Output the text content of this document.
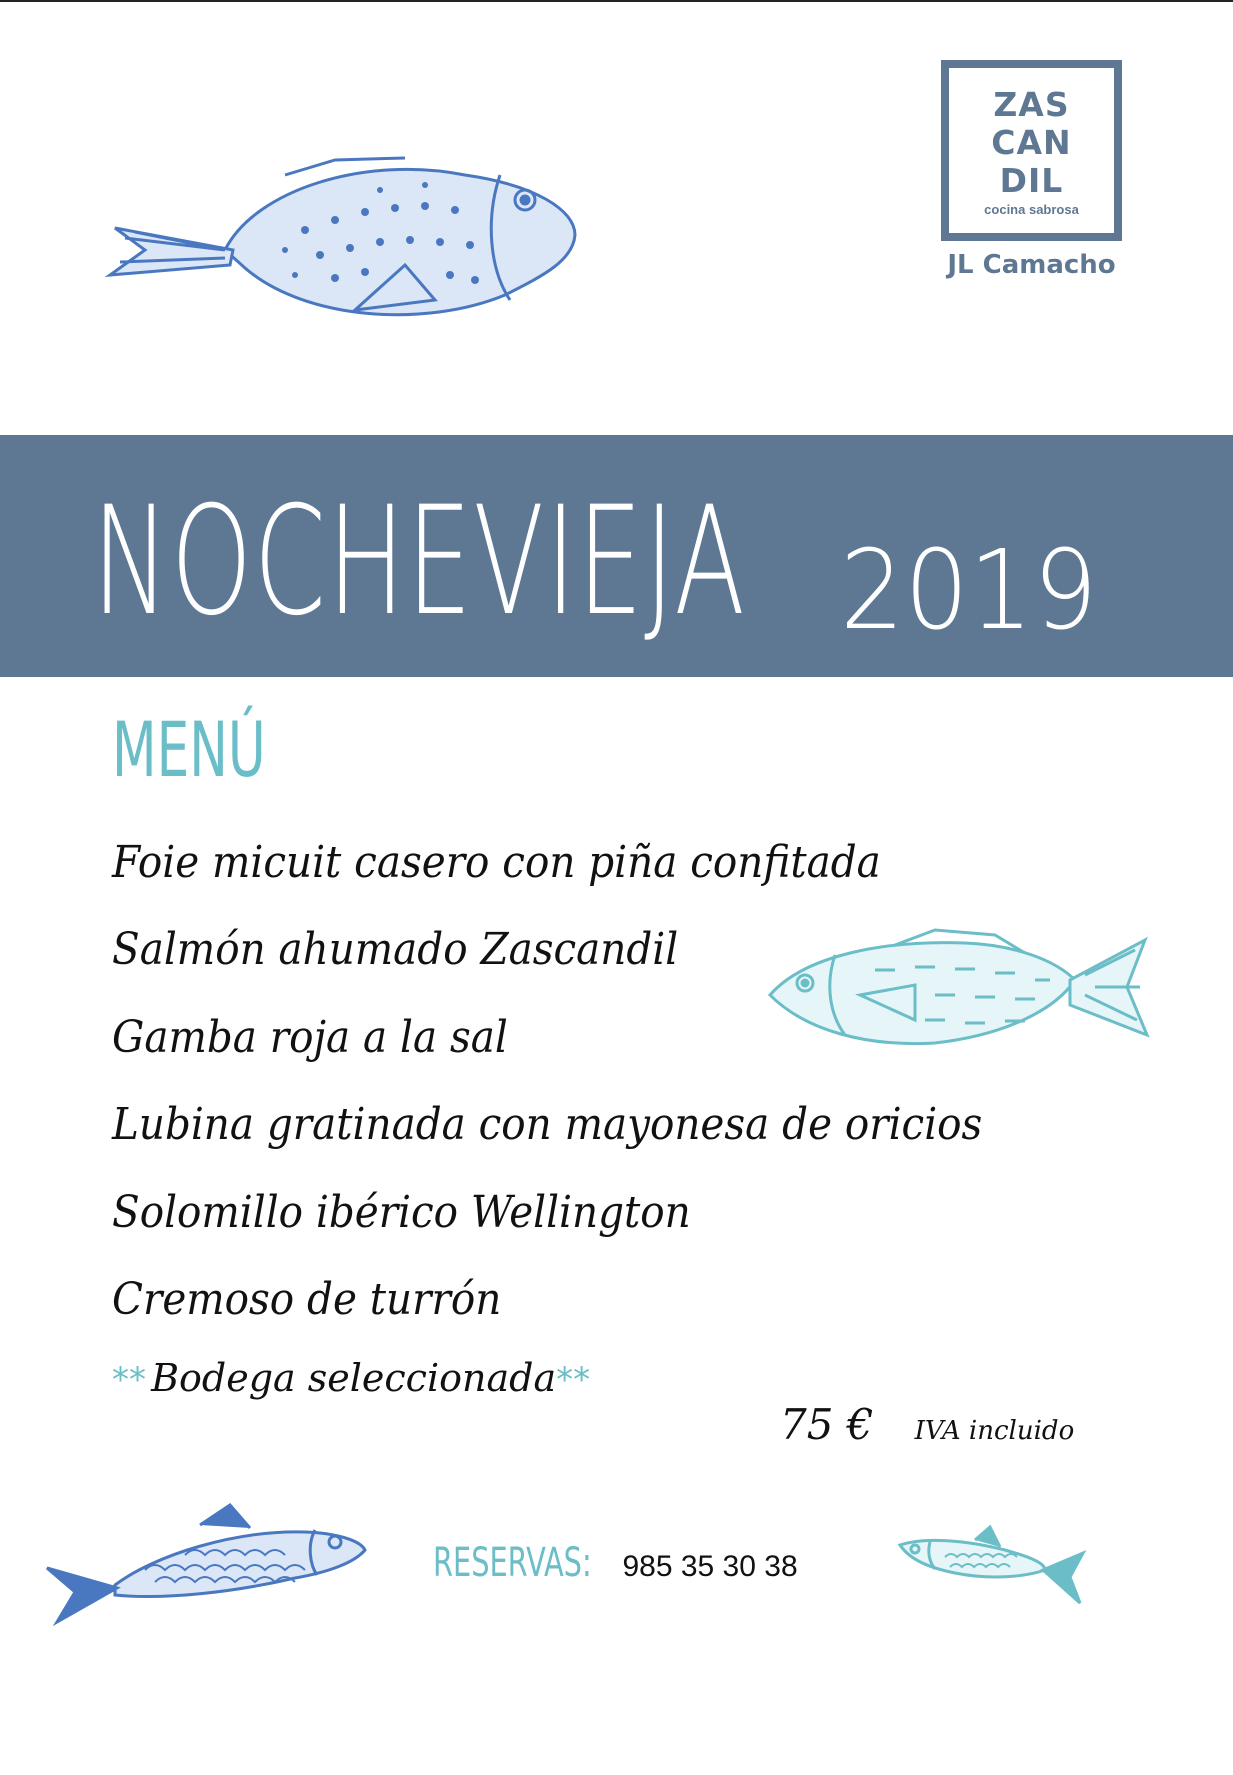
ZAS
CAN
DIL
cocina sabrosa
JL Camacho
NOCHEVIEJA 2019
MENÚ
Foie micuit casero con piña confitada
Salmón ahumado Zascandil
Gamba roja a la sal
Lubina gratinada con mayonesa de oricios
Solomillo ibérico Wellington
Cremoso de turrón
** Bodega seleccionada**
75 € IVA incluido
RESERVAS: 985 35 30 38
